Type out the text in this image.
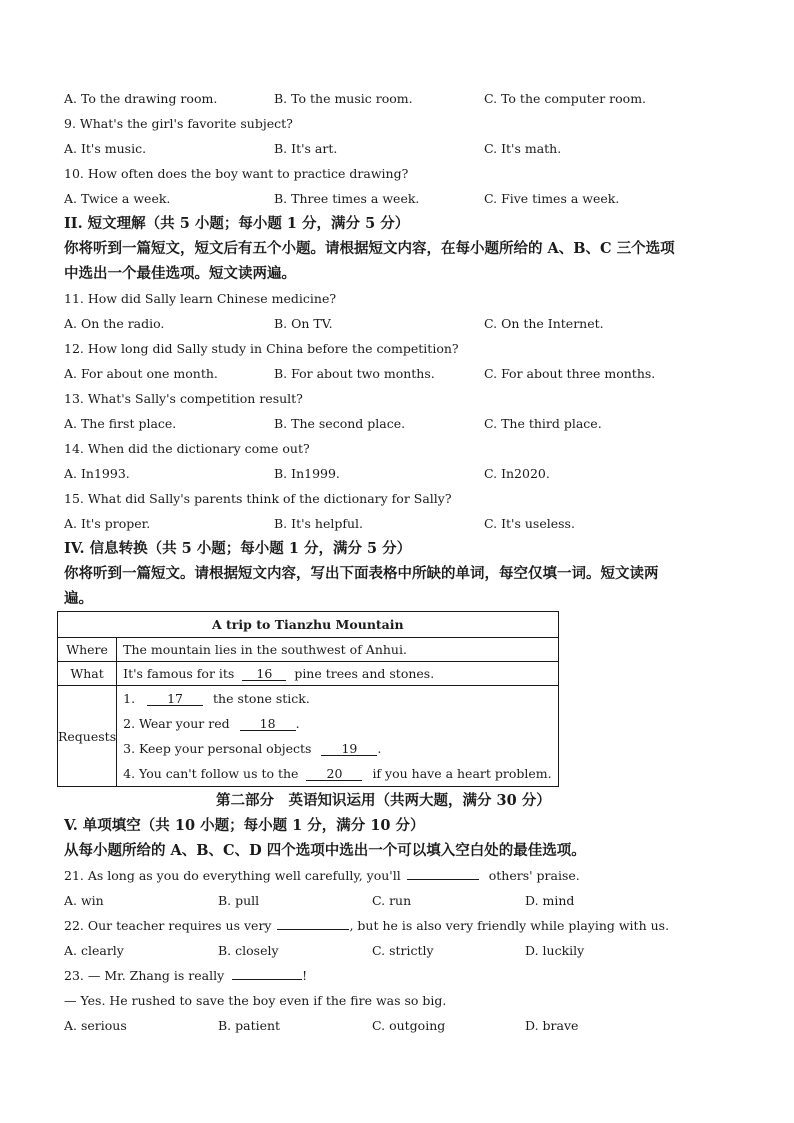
A. To the drawing room.	B. To the music room.	C. To the computer room.
9. What's the girl's favorite subject?
A. It's music.	B. It's art.	C. It's math.
10. How often does the boy want to practice drawing?
A. Twice a week.	B. Three times a week.	C. Five times a week.
II. 短文理解（共 5 小题；每小题 1 分，满分 5 分）
你将听到一篇短文，短文后有五个小题。请根据短文内容，在每小题所给的 A、B、C 三个选项
中选出一个最佳选项。短文读两遍。
11. How did Sally learn Chinese medicine?
A. On the radio.	B. On TV.	C. On the Internet.
12. How long did Sally study in China before the competition?
A. For about one month.	B. For about two months.	C. For about three months.
13. What's Sally's competition result?
A. The first place.	B. The second place.	C. The third place.
14. When did the dictionary come out?
A. In1993.	B. In1999.	C. In2020.
15. What did Sally's parents think of the dictionary for Sally?
A. It's proper.	B. It's helpful.	C. It's useless.
IV. 信息转换（共 5 小题；每小题 1 分，满分 5 分）
你将听到一篇短文。请根据短文内容，写出下面表格中所缺的单词，每空仅填一词。短文读两
遍。
A trip to Tianzhu Mountain	
Where	The mountain lies in the southwest of Anhui.
What	It's famous for its 16 pine trees and stones.
Requests	1. 17 the stone stick.
2. Wear your red 18 .
3. Keep your personal objects 19 .
4. You can't follow us to the 20 if you have a heart problem.
第二部分　英语知识运用（共两大题，满分 30 分）
V. 单项填空（共 10 小题；每小题 1 分，满分 10 分）
从每小题所给的 A、B、C、D 四个选项中选出一个可以填入空白处的最佳选项。
21. As long as you do everything well carefully, you'll	others' praise.
A. win	B. pull	C. run	D. mind
22. Our teacher requires us very	, but he is also very friendly while playing with us.
A. clearly	B. closely	C. strictly	D. luckily
23. — Mr. Zhang is really	!
— Yes. He rushed to save the boy even if the fire was so big.
A. serious	B. patient	C. outgoing	D. brave
